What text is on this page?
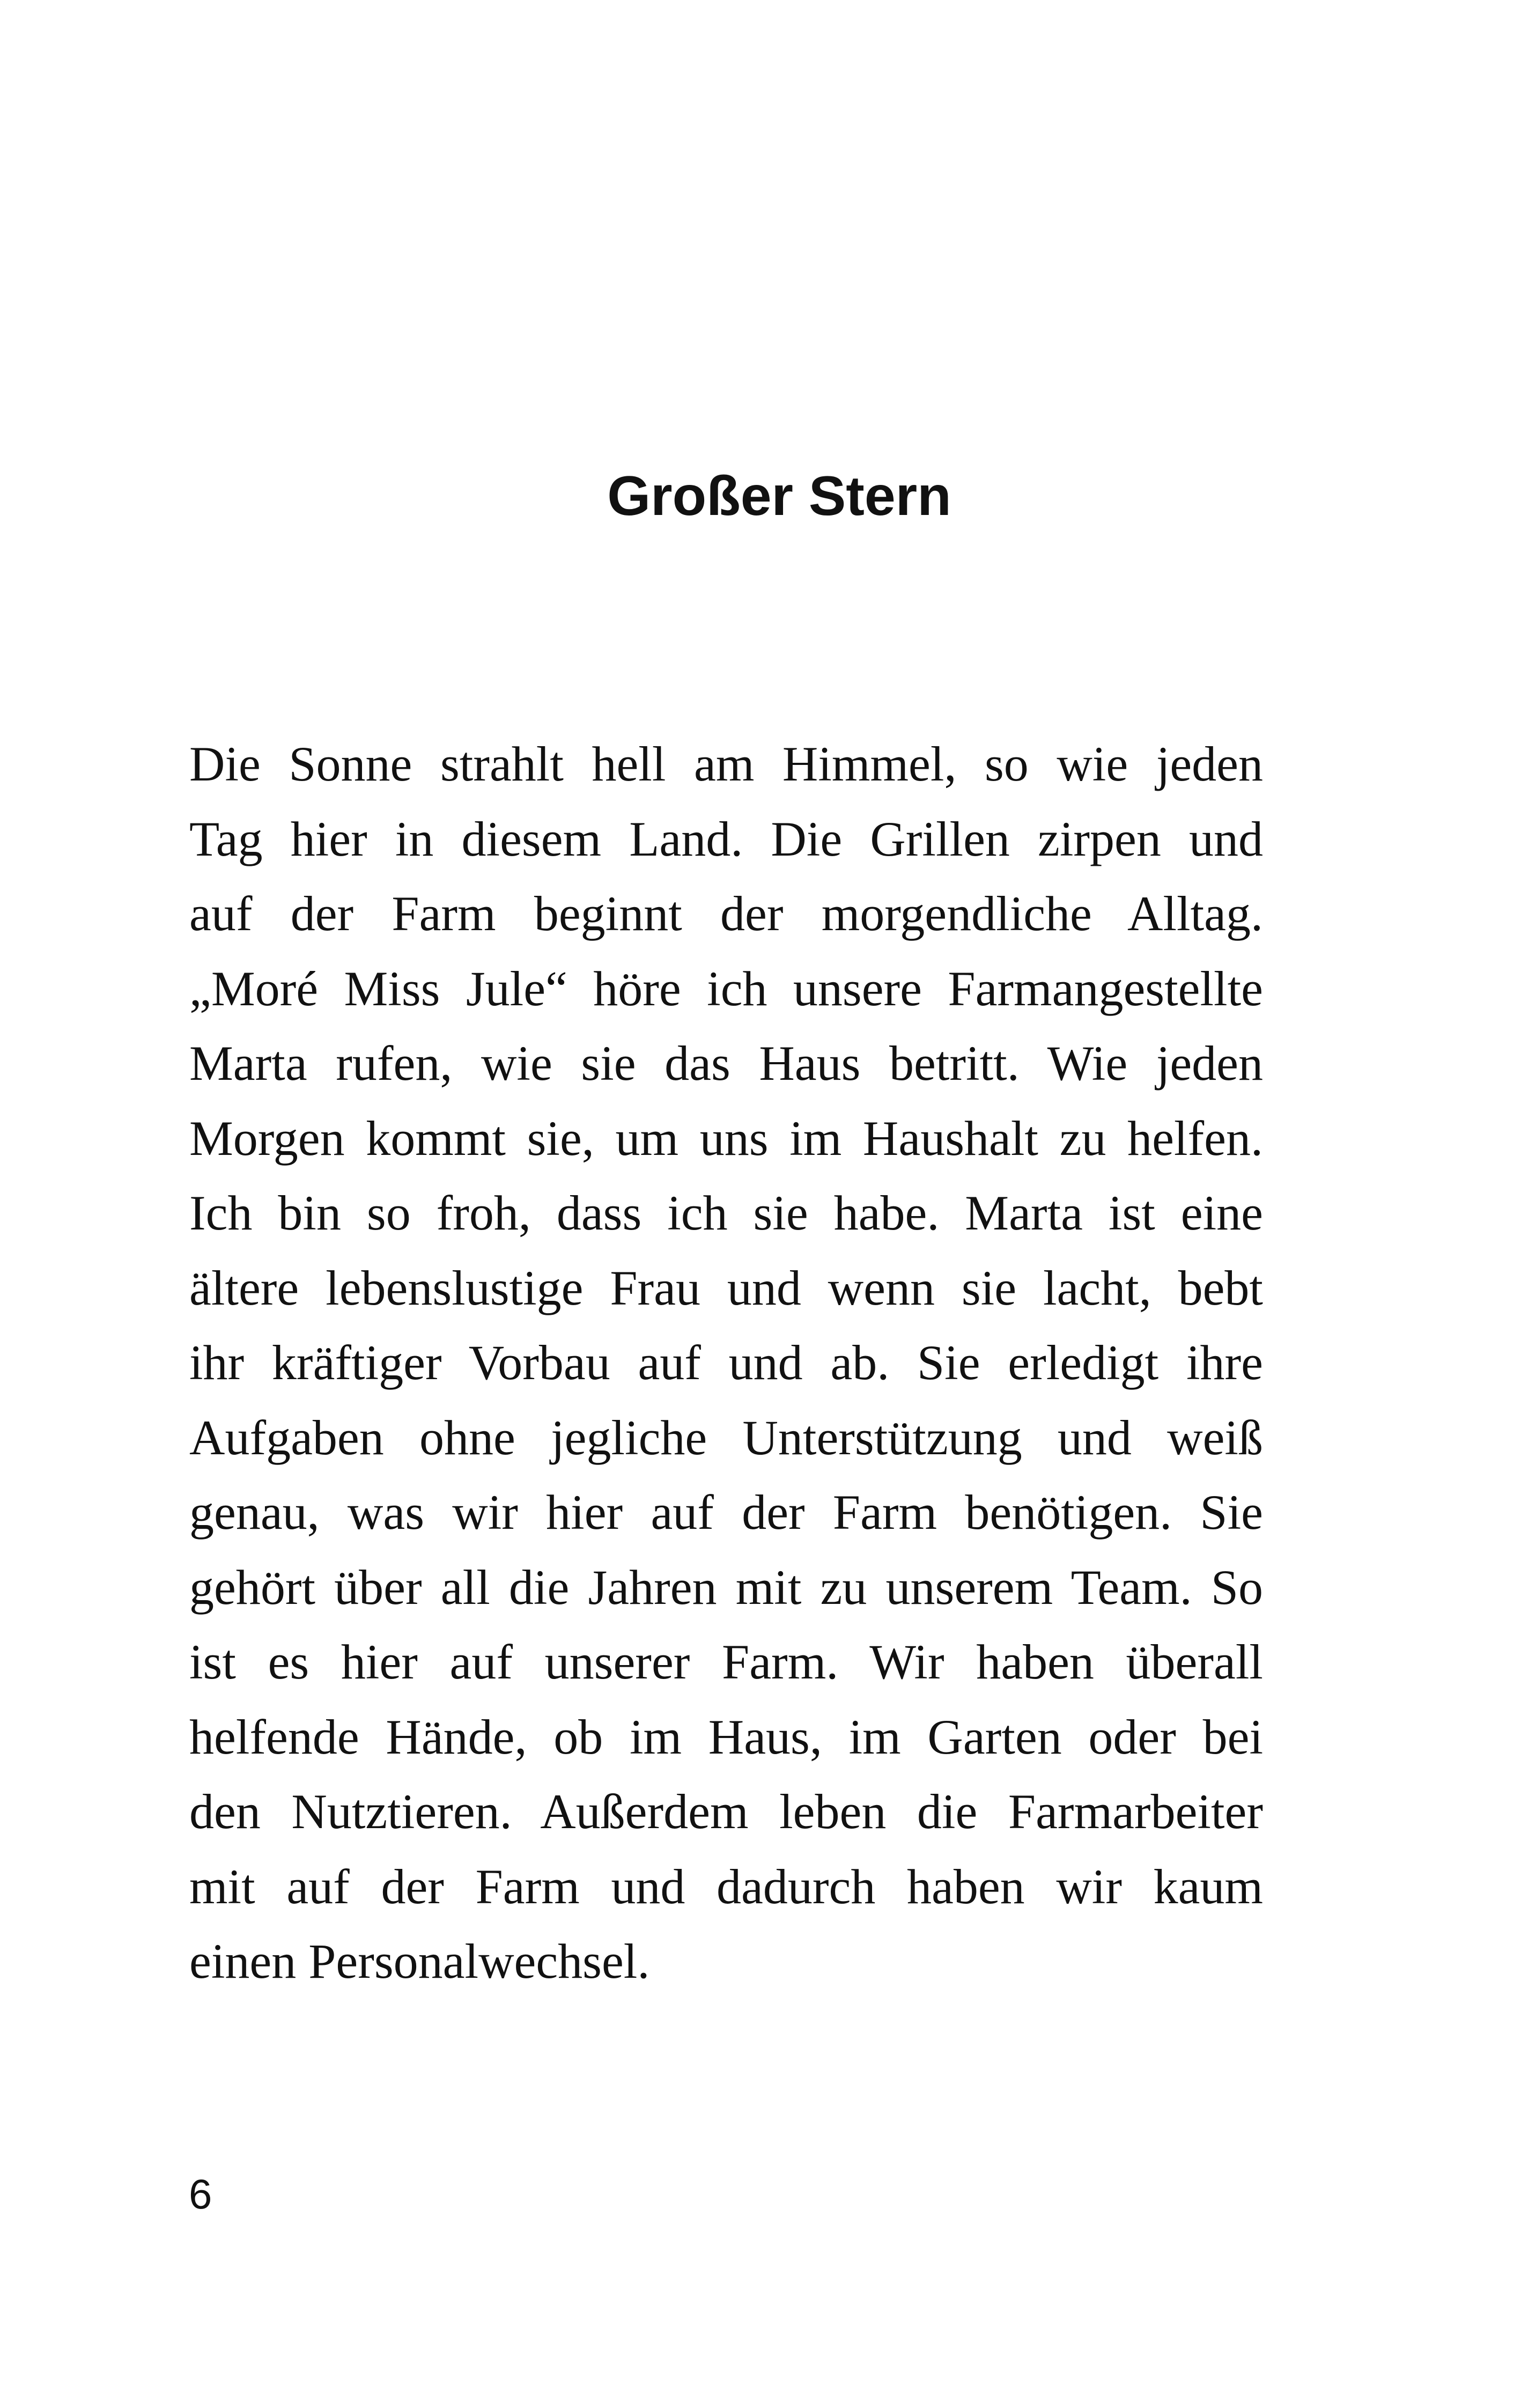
Großer Stern
Die Sonne strahlt hell am Himmel, so wie jeden
Tag hier in diesem Land. Die Grillen zirpen und
auf der Farm beginnt der morgendliche Alltag.
„Moré Miss Jule“ höre ich unsere Farmangestellte
Marta rufen, wie sie das Haus betritt. Wie jeden
Morgen kommt sie, um uns im Haushalt zu helfen.
Ich bin so froh, dass ich sie habe. Marta ist eine
ältere lebenslustige Frau und wenn sie lacht, bebt
ihr kräftiger Vorbau auf und ab. Sie erledigt ihre
Aufgaben ohne jegliche Unterstützung und weiß
genau, was wir hier auf der Farm benötigen. Sie
gehört über all die Jahren mit zu unserem Team. So
ist es hier auf unserer Farm. Wir haben überall
helfende Hände, ob im Haus, im Garten oder bei
den Nutztieren. Außerdem leben die Farmarbeiter
mit auf der Farm und dadurch haben wir kaum
einen Personalwechsel.

6
